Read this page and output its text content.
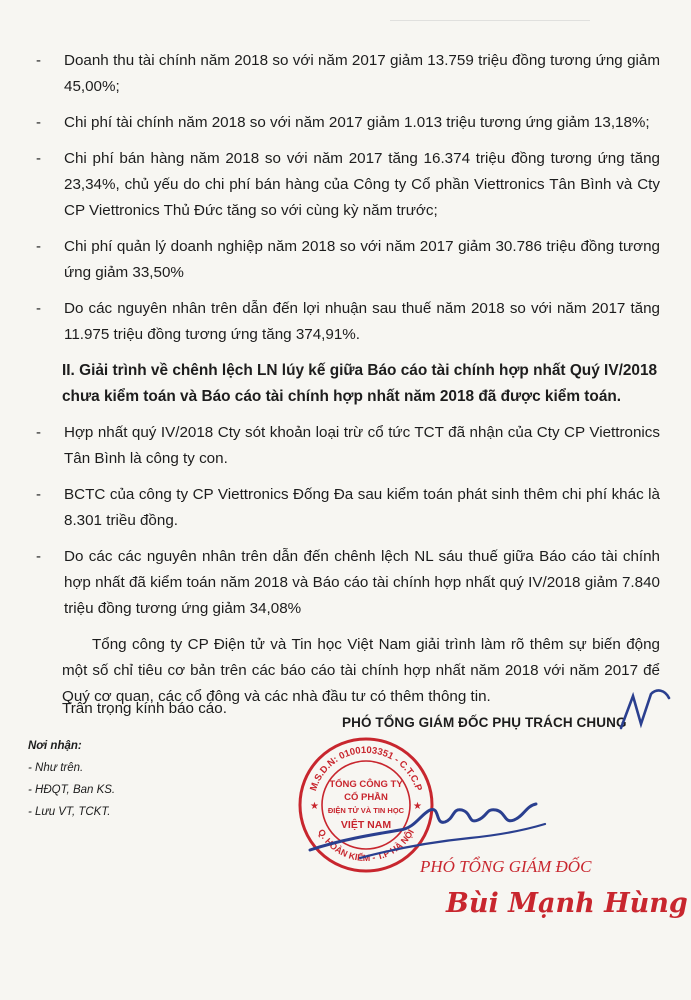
-	Doanh thu tài chính năm 2018 so với năm 2017 giảm 13.759 triệu đồng tương ứng giảm 45,00%;
-	Chi phí tài chính năm 2018 so với năm 2017 giảm 1.013 triệu tương ứng giảm 13,18%;
-	Chi phí bán hàng năm 2018 so với năm 2017 tăng 16.374 triệu đồng tương ứng tăng 23,34%, chủ yếu do chi phí bán hàng của Công ty Cổ phần Viettronics Tân Bình và Cty CP Viettronics Thủ Đức tăng so với cùng kỳ năm trước;
-	Chi phí quản lý doanh nghiệp năm 2018 so với năm 2017 giảm 30.786 triệu đồng tương ứng giảm 33,50%
-	Do các nguyên nhân trên dẫn đến lợi nhuận sau thuế năm 2018 so với năm 2017 tăng 11.975 triệu đồng tương ứng tăng 374,91%.
II. Giải trình về chênh lệch LN lúy kế giữa Báo cáo tài chính hợp nhất Quý IV/2018 chưa kiểm toán và Báo cáo tài chính hợp nhất năm 2018 đã được kiểm toán.
-	Hợp nhất quý IV/2018 Cty sót khoản loại trừ cổ tức TCT đã nhận của Cty CP Viettronics Tân Bình là công ty con.
-	BCTC của công ty CP Viettronics Đống Đa sau kiểm toán phát sinh thêm chi phí khác là 8.301 triều đồng.
-	Do các các nguyên nhân trên dẫn đến chênh lệch NL sáu thuế giữa Báo cáo tài chính hợp nhất đã kiểm toán năm 2018 và Báo cáo tài chính hợp nhất quý IV/2018 giảm 7.840 triệu đồng tương ứng giảm 34,08%
Tổng công ty CP Điện tử và Tin học Việt Nam giải trình làm rõ thêm sự biến động một số chỉ tiêu cơ bản trên các báo cáo tài chính hợp nhất năm 2018 với năm 2017 để Quý cơ quan, các cổ đông và các nhà đầu tư có thêm thông tin.
Trân trọng kính báo cáo.
Nơi nhận:
- Như trên.
- HĐQT, Ban KS.
- Lưu VT, TCKT.
PHÓ TỔNG GIÁM ĐỐC PHỤ TRÁCH CHUNG
M.S.D.N: 0100103351 - C.T.C.P
Q. HOÀN KIẾM - T.P HÀ NỘI
★	★
TỔNG CÔNG TY
CỔ PHẦN
ĐIỆN TỬ VÀ TIN HỌC
VIỆT NAM
PHÓ TỔNG GIÁM ĐỐC
Bùi Mạnh Hùng
